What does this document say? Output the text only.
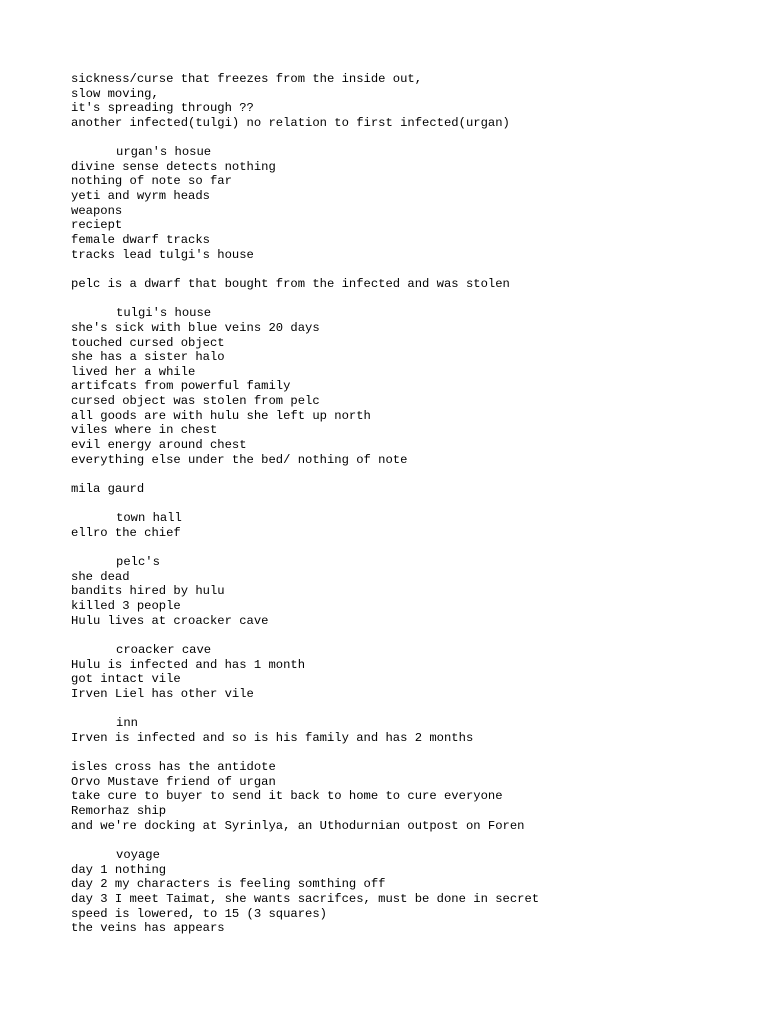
sickness/curse that freezes from the inside out,
slow moving,
it's spreading through ??
another infected(tulgi) no relation to first infected(urgan)
urgan's hosue
divine sense detects nothing
nothing of note so far
yeti and wyrm heads
weapons
reciept
female dwarf tracks
tracks lead tulgi's house
pelc is a dwarf that bought from the infected and was stolen
tulgi's house
she's sick with blue veins 20 days
touched cursed object
she has a sister halo
lived her a while
artifcats from powerful family
cursed object was stolen from pelc
all goods are with hulu she left up north
viles where in chest
evil energy around chest
everything else under the bed/ nothing of note
mila gaurd
town hall
ellro the chief
pelc's
she dead
bandits hired by hulu
killed 3 people
Hulu lives at croacker cave
croacker cave
Hulu is infected and has 1 month
got intact vile
Irven Liel has other vile
inn
Irven is infected and so is his family and has 2 months
isles cross has the antidote
Orvo Mustave friend of urgan
take cure to buyer to send it back to home to cure everyone
Remorhaz ship
and we're docking at Syrinlya, an Uthodurnian outpost on Foren
voyage
day 1 nothing
day 2 my characters is feeling somthing off
day 3 I meet Taimat, she wants sacrifces, must be done in secret
speed is lowered, to 15 (3 squares)
the veins has appears
